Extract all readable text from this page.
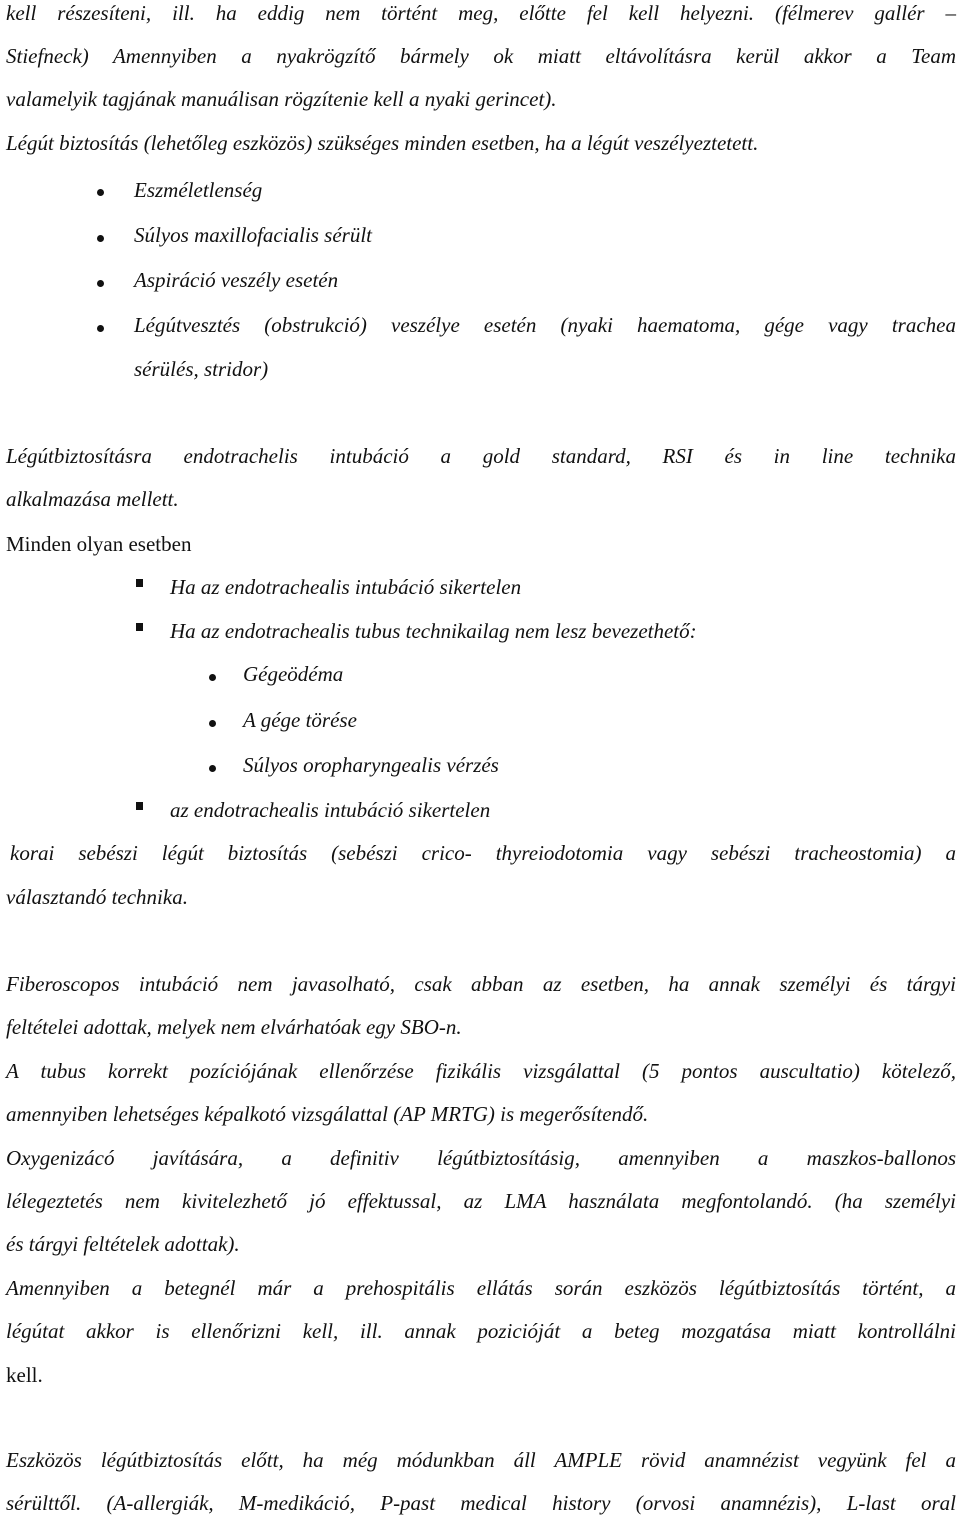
kell részesíteni, ill. ha eddig nem történt meg, előtte fel kell helyezni. (félmerev gallér –
Stiefneck) Amennyiben a nyakrögzítő bármely ok miatt eltávolításra kerül akkor a Team
valamelyik tagjának manuálisan rögzítenie kell a nyaki gerincet).
Légút biztosítás (lehetőleg eszközös) szükséges minden esetben, ha a légút veszélyeztetett.
Eszméletlenség
Súlyos maxillofacialis sérült
Aspiráció veszély esetén
Légútvesztés (obstrukció) veszélye esetén (nyaki haematoma, gége vagy trachea
sérülés, stridor)
Légútbiztosításra endotrachelis intubáció a gold standard, RSI és in line technika
alkalmazása mellett.
Minden olyan esetben
Ha az endotrachealis intubáció sikertelen
Ha az endotrachealis tubus technikailag nem lesz bevezethető:
Gégeödéma
A gége törése
Súlyos oropharyngealis vérzés
az endotrachealis intubáció sikertelen
korai sebészi légút biztosítás (sebészi crico- thyreiodotomia vagy sebészi tracheostomia) a
választandó technika.
Fiberoscopos intubáció nem javasolható, csak abban az esetben, ha annak személyi és tárgyi
feltételei adottak, melyek nem elvárhatóak egy SBO-n.
A tubus korrekt pozíciójának ellenőrzése fizikális vizsgálattal (5 pontos auscultatio) kötelező,
amennyiben lehetséges képalkotó vizsgálattal (AP MRTG) is megerősítendő.
Oxygenizácó javítására, a definitiv légútbiztosításig, amennyiben a maszkos-ballonos
lélegeztetés nem kivitelezhető jó effektussal, az LMA használata megfontolandó. (ha személyi
és tárgyi feltételek adottak).
Amennyiben a betegnél már a prehospitális ellátás során eszközös légútbiztosítás történt, a
légútat akkor is ellenőrizni kell, ill. annak pozicióját a beteg mozgatása miatt kontrollálni
kell.
Eszközös légútbiztosítás előtt, ha még módunkban áll AMPLE rövid anamnézist vegyünk fel a
sérülttől. (A-allergiák, M-medikáció, P-past medical history (orvosi anamnézis), L-last oral
